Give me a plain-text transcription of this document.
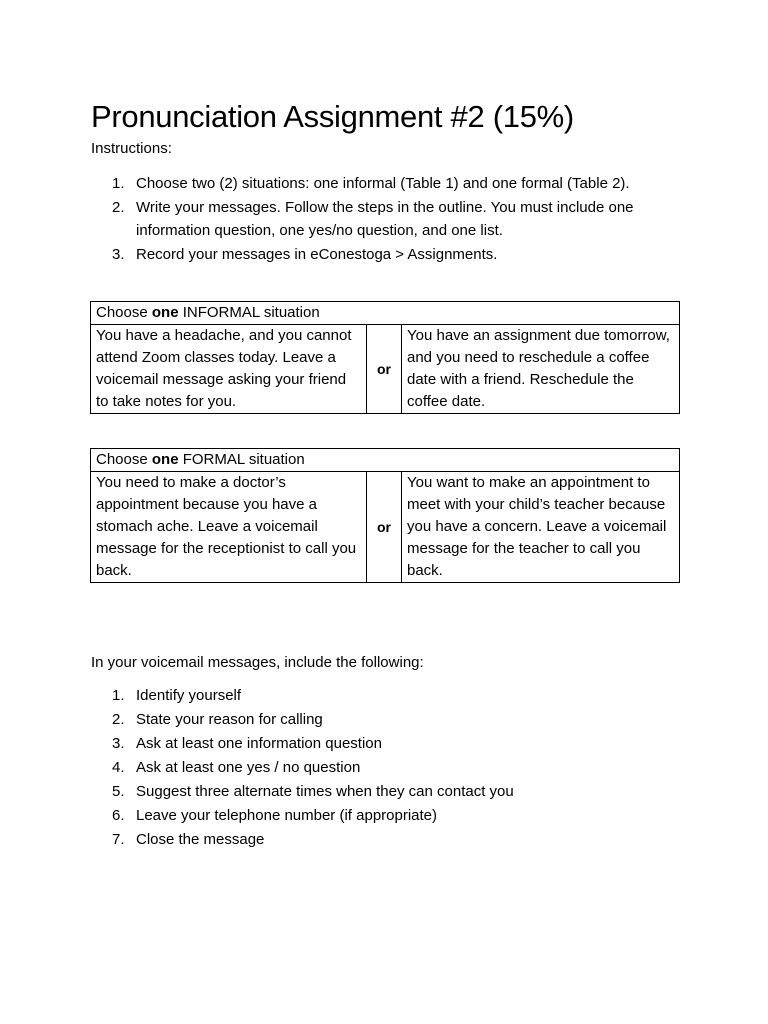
Pronunciation Assignment #2 (15%)
Instructions:
1. Choose two (2) situations: one informal (Table 1) and one formal (Table 2).
2. Write your messages. Follow the steps in the outline. You must include one information question, one yes/no question, and one list.
3. Record your messages in eConestoga > Assignments.
Choose one INFORMAL situation
You have a headache, and you cannot attend Zoom classes today. Leave a voicemail message asking your friend to take notes for you.	or	You have an assignment due tomorrow, and you need to reschedule a coffee date with a friend. Reschedule the coffee date.
Choose one FORMAL situation
You need to make a doctor’s appointment because you have a stomach ache. Leave a voicemail message for the receptionist to call you back.	or	You want to make an appointment to meet with your child’s teacher because you have a concern. Leave a voicemail message for the teacher to call you back.
In your voicemail messages, include the following:
1. Identify yourself
2. State your reason for calling
3. Ask at least one information question
4. Ask at least one yes / no question
5. Suggest three alternate times when they can contact you
6. Leave your telephone number (if appropriate)
7. Close the message
